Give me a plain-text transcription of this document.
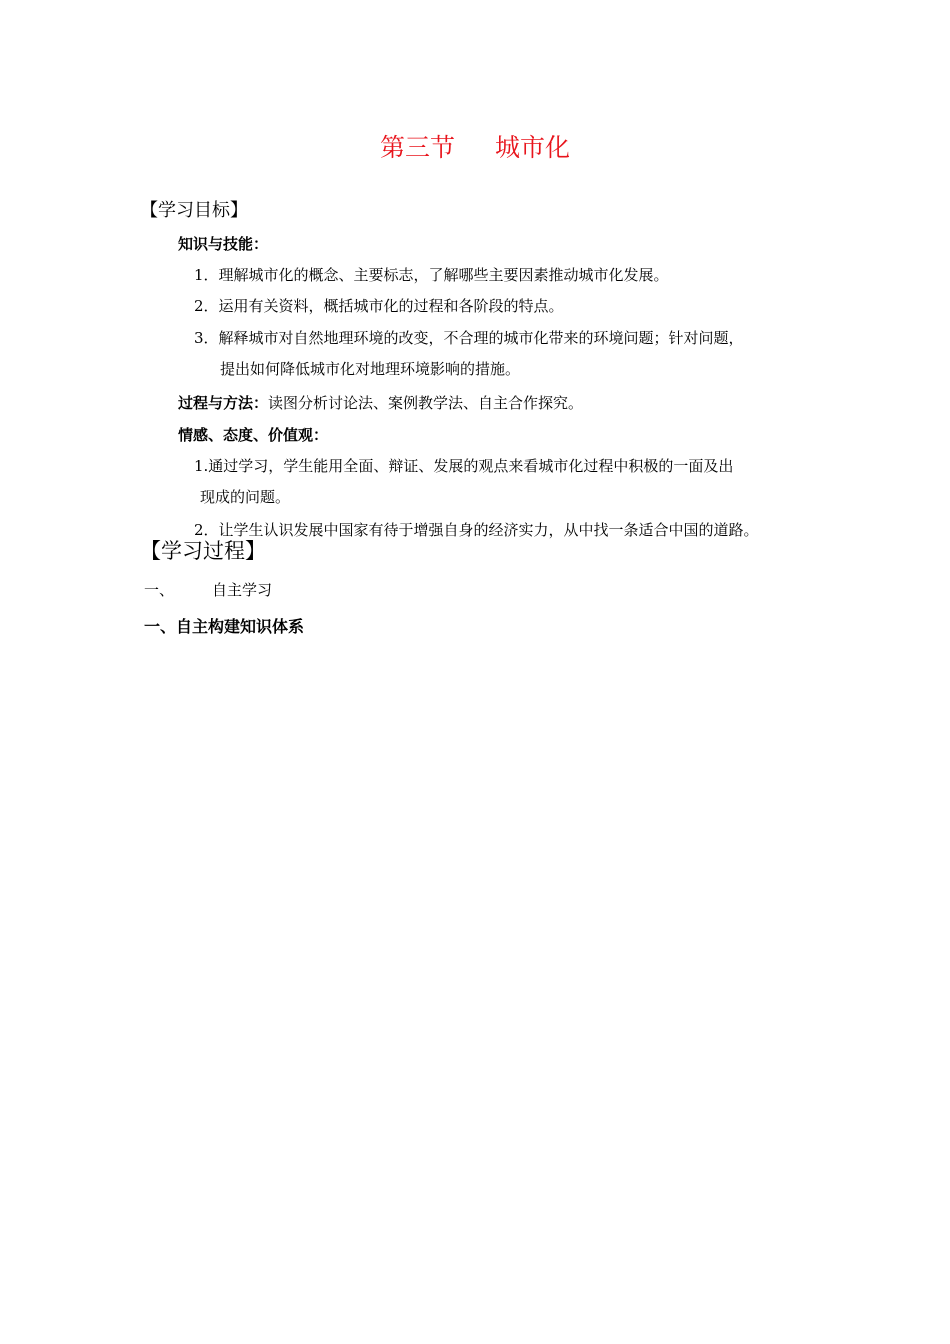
第三节 城市化
【学习目标】
知识与技能：
1．理解城市化的概念、主要标志，了解哪些主要因素推动城市化发展。
2．运用有关资料，概括城市化的过程和各阶段的特点。
3．解释城市对自然地理环境的改变，不合理的城市化带来的环境问题；针对问题，
提出如何降低城市化对地理环境影响的措施。
过程与方法：读图分析讨论法、案例教学法、自主合作探究。
情感、态度、价值观：
1.通过学习，学生能用全面、辩证、发展的观点来看城市化过程中积极的一面及出
现成的问题。
2．让学生认识发展中国家有待于增强自身的经济实力，从中找一条适合中国的道路。
【学习过程】
一、	自主学习
一、自主构建知识体系
